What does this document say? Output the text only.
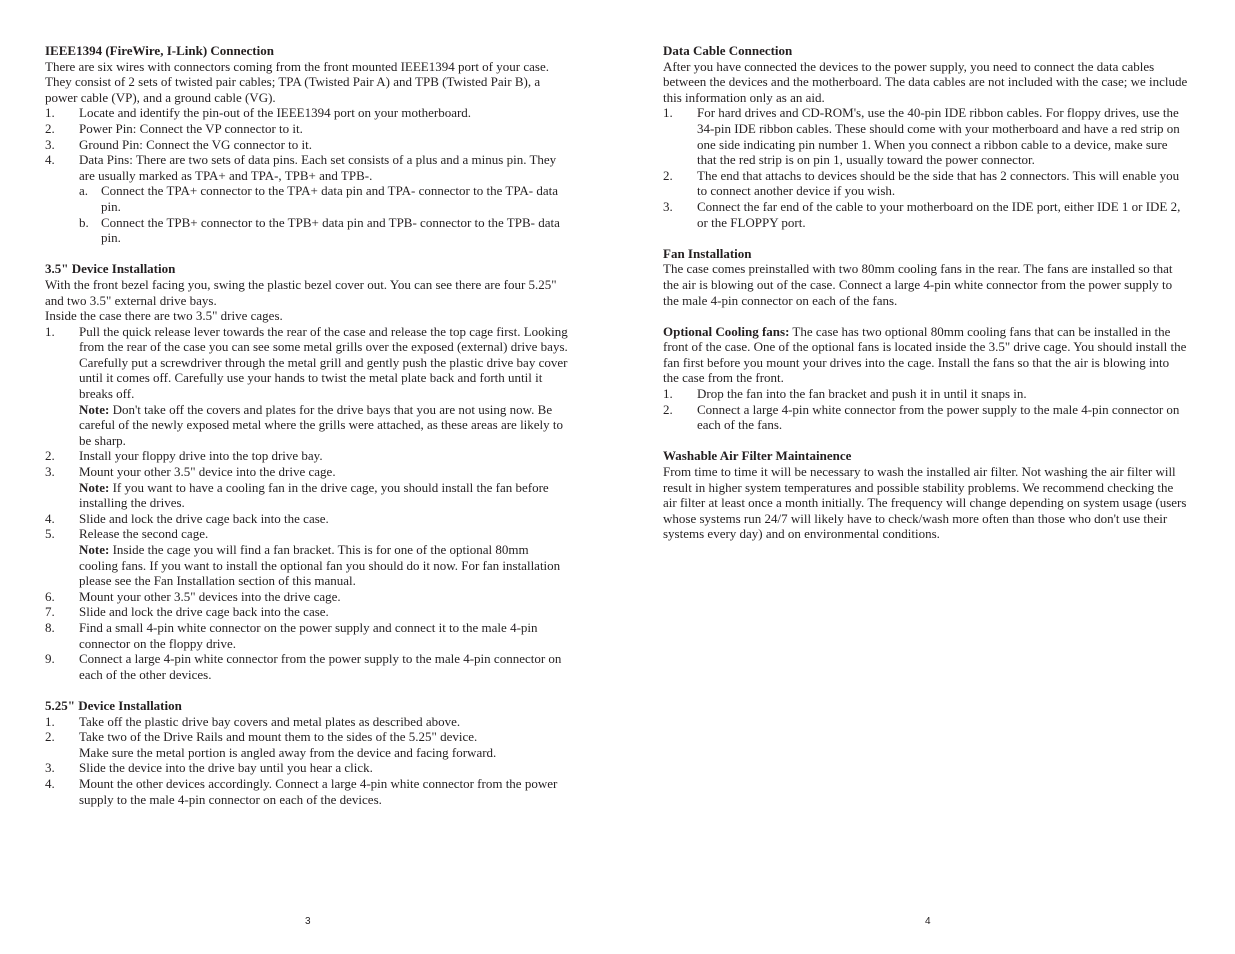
IEEE1394 (FireWire, I-Link) Connection

There are six wires with connectors coming from the front mounted IEEE1394 port of your case. They consist of 2 sets of twisted pair cables; TPA (Twisted Pair A) and TPB (Twisted Pair B), a power cable (VP), and a ground cable (VG).

1. Locate and identify the pin-out of the IEEE1394 port on your motherboard.
2. Power Pin: Connect the VP connector to it.
3. Ground Pin: Connect the VG connector to it.
4. Data Pins: There are two sets of data pins. Each set consists of a plus and a minus pin. They are usually marked as TPA+ and TPA-, TPB+ and TPB-.
a. Connect the TPA+ connector to the TPA+ data pin and TPA- connector to the TPA- data pin.
b. Connect the TPB+ connector to the TPB+ data pin and TPB- connector to the TPB- data pin.
3.5" Device Installation

With the front bezel facing you, swing the plastic bezel cover out. You can see there are four 5.25" and two 3.5" external drive bays.

Inside the case there are two 3.5" drive cages.

1. Pull the quick release lever towards the rear of the case and release the top cage first. Looking from the rear of the case you can see some metal grills over the exposed (external) drive bays. Carefully put a screwdriver through the metal grill and gently push the plastic drive bay cover until it comes off. Carefully use your hands to twist the metal plate back and forth until it breaks off.
Note: Don't take off the covers and plates for the drive bays that you are not using now. Be careful of the newly exposed metal where the grills were attached, as these areas are likely to be sharp.
2. Install your floppy drive into the top drive bay.
3. Mount your other 3.5" device into the drive cage.
Note: If you want to have a cooling fan in the drive cage, you should install the fan before installing the drives.
4. Slide and lock the drive cage back into the case.
5. Release the second cage.
Note: Inside the cage you will find a fan bracket. This is for one of the optional 80mm cooling fans. If you want to install the optional fan you should do it now. For fan installation please see the Fan Installation section of this manual.
6. Mount your other 3.5" devices into the drive cage.
7. Slide and lock the drive cage back into the case.
8. Find a small 4-pin white connector on the power supply and connect it to the male 4-pin connector on the floppy drive.
9. Connect a large 4-pin white connector from the power supply to the male 4-pin connector on each of the other devices.
5.25" Device Installation
1. Take off the plastic drive bay covers and metal plates as described above.
2. Take two of the Drive Rails and mount them to the sides of the 5.25" device.
Make sure the metal portion is angled away from the device and facing forward.
3. Slide the device into the drive bay until you hear a click.
4. Mount the other devices accordingly. Connect a large 4-pin white connector from the power supply to the male 4-pin connector on each of the devices.
3
Data Cable Connection

After you have connected the devices to the power supply, you need to connect the data cables between the devices and the motherboard. The data cables are not included with the case; we include this information only as an aid.

1. For hard drives and CD-ROM's, use the 40-pin IDE ribbon cables. For floppy drives, use the 34-pin IDE ribbon cables. These should come with your motherboard and have a red strip on one side indicating pin number 1. When you connect a ribbon cable to a device, make sure that the red strip is on pin 1, usually toward the power connector.
2. The end that attachs to devices should be the side that has 2 connectors. This will enable you to connect another device if you wish.
3. Connect the far end of the cable to your motherboard on the IDE port, either IDE 1 or IDE 2, or the FLOPPY port.
Fan Installation

The case comes preinstalled with two 80mm cooling fans in the rear. The fans are installed so that the air is blowing out of the case. Connect a large 4-pin white connector from the power supply to the male 4-pin connector on each of the fans.

Optional Cooling fans: The case has two optional 80mm cooling fans that can be installed in the front of the case. One of the optional fans is located inside the 3.5" drive cage. You should install the fan first before you mount your drives into the cage. Install the fans so that the air is blowing into the case from the front.

1. Drop the fan into the fan bracket and push it in until it snaps in.
2. Connect a large 4-pin white connector from the power supply to the male 4-pin connector on each of the fans.
Washable Air Filter Maintainence

From time to time it will be necessary to wash the installed air filter. Not washing the air filter will result in higher system temperatures and possible stability problems. We recommend checking the air filter at least once a month initially. The frequency will change depending on system usage (users whose systems run 24/7 will likely have to check/wash more often than those who don't use their systems every day) and on environmental conditions.

4
